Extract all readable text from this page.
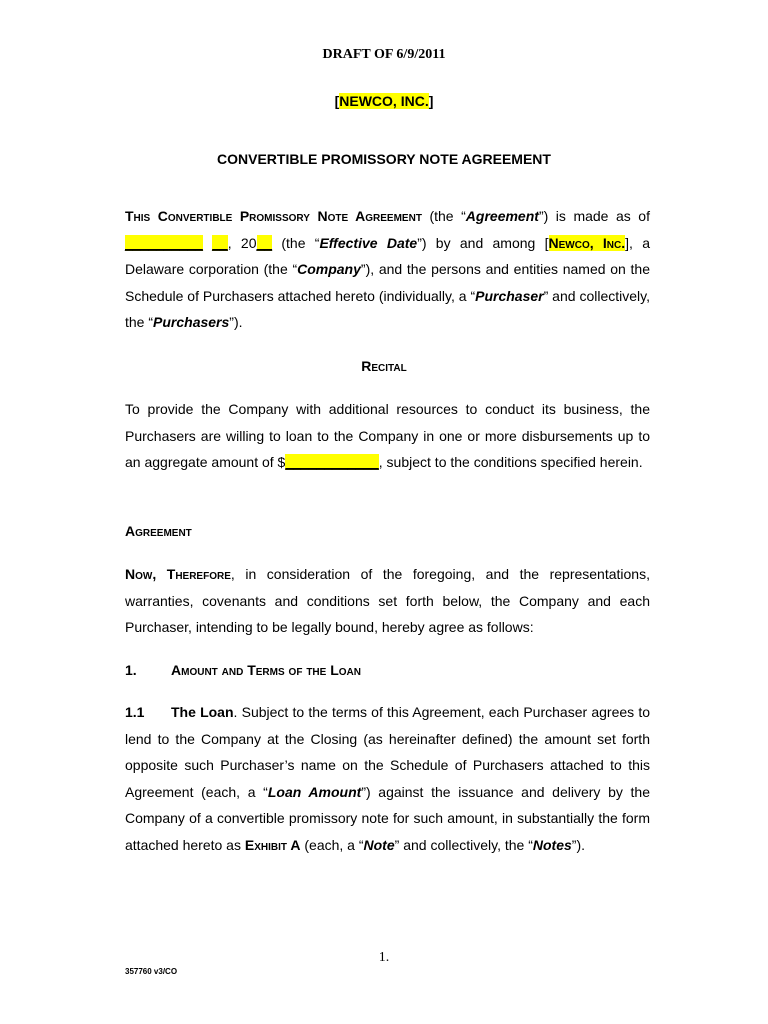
DRAFT OF 6/9/2011
[NEWCO, INC.]
CONVERTIBLE PROMISSORY NOTE AGREEMENT
This Convertible Promissory Note Agreement (the “Agreement”) is made as of __________ __, 20__ (the “Effective Date”) by and among [Newco, Inc.], a Delaware corporation (the “Company”), and the persons and entities named on the Schedule of Purchasers attached hereto (individually, a “Purchaser” and collectively, the “Purchasers”).
Recital
To provide the Company with additional resources to conduct its business, the Purchasers are willing to loan to the Company in one or more disbursements up to an aggregate amount of $____________, subject to the conditions specified herein.
Agreement
Now, Therefore, in consideration of the foregoing, and the representations, warranties, covenants and conditions set forth below, the Company and each Purchaser, intending to be legally bound, hereby agree as follows:
1. Amount and Terms of the Loan
1.1 The Loan. Subject to the terms of this Agreement, each Purchaser agrees to lend to the Company at the Closing (as hereinafter defined) the amount set forth opposite such Purchaser’s name on the Schedule of Purchasers attached to this Agreement (each, a “Loan Amount”) against the issuance and delivery by the Company of a convertible promissory note for such amount, in substantially the form attached hereto as Exhibit A (each, a “Note” and collectively, the “Notes”).
1.
357760 v3/CO
